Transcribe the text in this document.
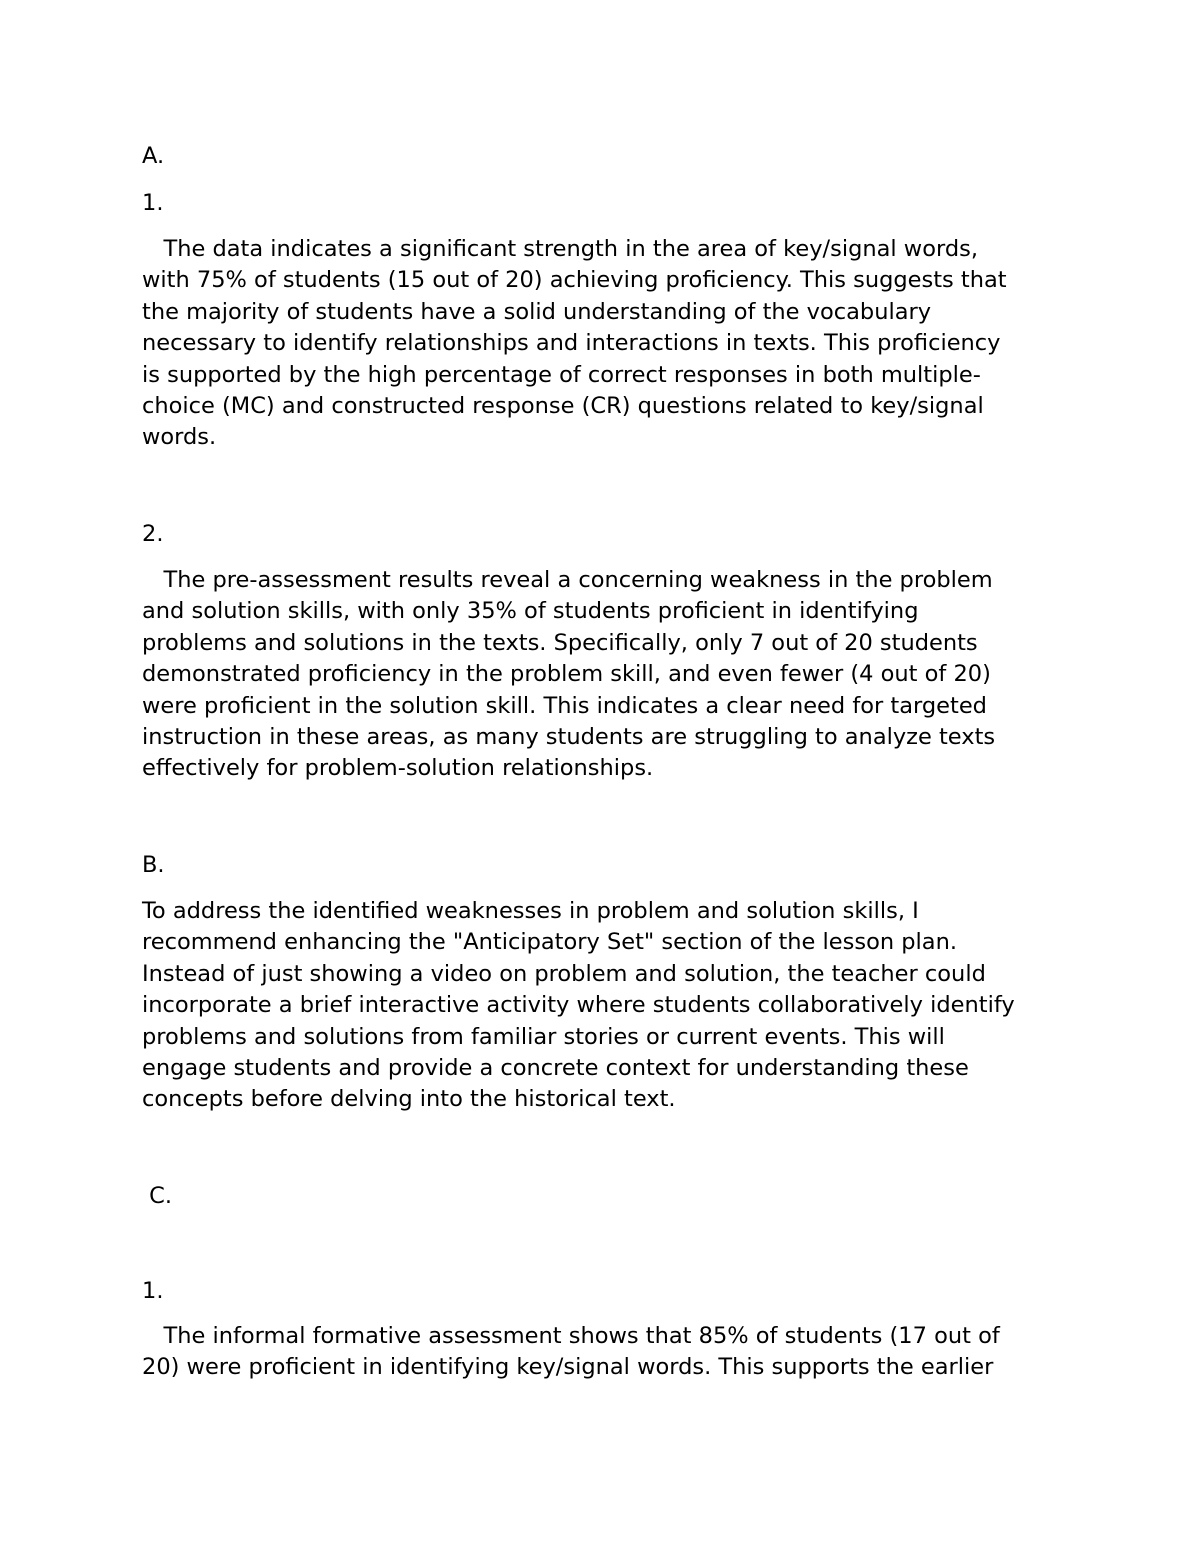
A.

1.

The data indicates a significant strength in the area of key/signal words,
with 75% of students (15 out of 20) achieving proficiency. This suggests that
the majority of students have a solid understanding of the vocabulary
necessary to identify relationships and interactions in texts. This proficiency
is supported by the high percentage of correct responses in both multiple-
choice (MC) and constructed response (CR) questions related to key/signal
words.

2.

The pre-assessment results reveal a concerning weakness in the problem
and solution skills, with only 35% of students proficient in identifying
problems and solutions in the texts. Specifically, only 7 out of 20 students
demonstrated proficiency in the problem skill, and even fewer (4 out of 20)
were proficient in the solution skill. This indicates a clear need for targeted
instruction in these areas, as many students are struggling to analyze texts
effectively for problem-solution relationships.

B.

To address the identified weaknesses in problem and solution skills, I
recommend enhancing the "Anticipatory Set" section of the lesson plan.
Instead of just showing a video on problem and solution, the teacher could
incorporate a brief interactive activity where students collaboratively identify
problems and solutions from familiar stories or current events. This will
engage students and provide a concrete context for understanding these
concepts before delving into the historical text.

C.

1.

The informal formative assessment shows that 85% of students (17 out of
20) were proficient in identifying key/signal words. This supports the earlier
